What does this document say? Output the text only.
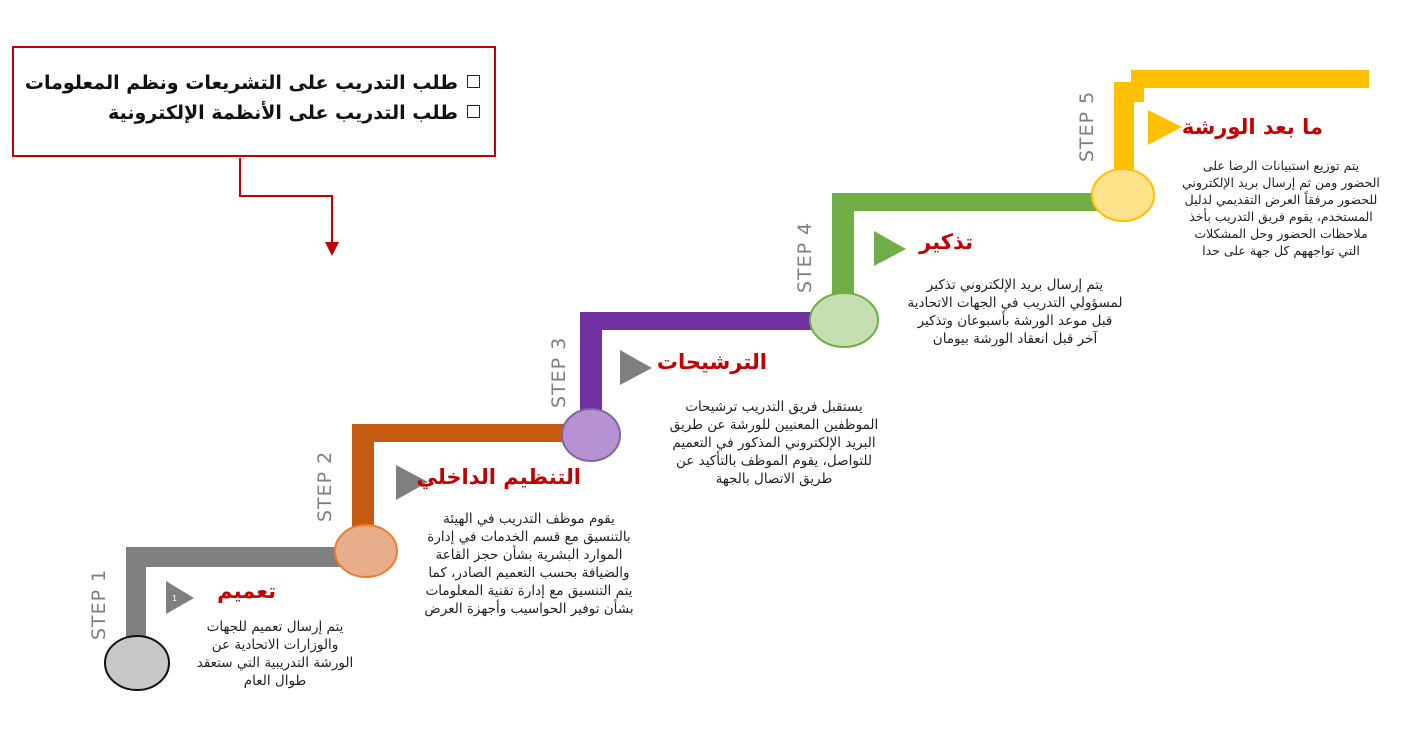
1
طلب التدريب على التشريعات ونظم المعلومات
طلب التدريب على الأنظمة الإلكترونية
STEP 1
STEP 2
STEP 3
STEP 4
STEP 5
تعميم
التنظيم الداخلي
الترشيحات
تذكير
ما بعد الورشة
يتم إرسال تعميم للجهات
والوزارات الاتحادية عن
الورشة التدريبية التي ستعقد
طوال العام
يقوم موظف التدريب في الهيئة
بالتنسيق مع قسم الخدمات في إدارة
الموارد البشرية بشأن حجز القاعة
والضيافة بحسب التعميم الصادر، كما
يتم التنسيق مع إدارة تقنية المعلومات
بشأن توفير الحواسيب وأجهزة العرض
يستقبل فريق التدريب ترشيحات
الموظفين المعنيين للورشة عن طريق
البريد الإلكتروني المذكور في التعميم
للتواصل، يقوم الموظف بالتأكيد عن
طريق الاتصال بالجهة
يتم إرسال بريد الإلكتروني تذكير
لمسؤولي التدريب في الجهات الاتحادية
قبل موعد الورشة بأسبوعان وتذكير
آخر قبل انعقاد الورشة بيومان
يتم توزيع استبيانات الرضا على
الحضور ومن ثم إرسال بريد الإلكتروني
للحضور مرفقاً العرض التقديمي لدليل
المستخدم، يقوم فريق التدريب بأخذ
ملاحظات الحضور وحل المشكلات
التي تواجههم كل جهة على حدا
